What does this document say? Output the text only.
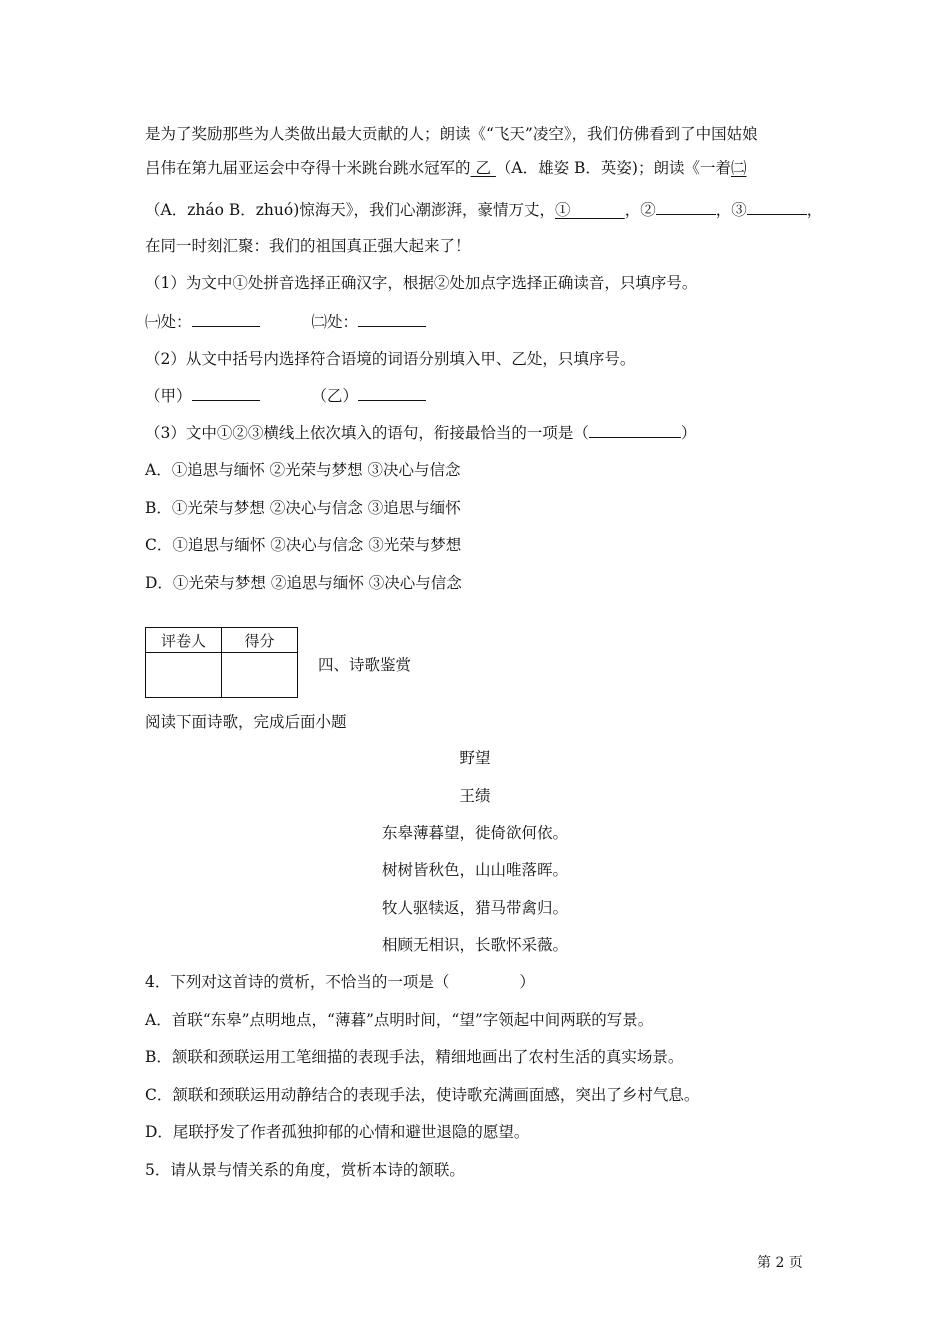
是为了奖励那些为人类做出最大贡献的人；朗读《“飞天”凌空》，我们仿佛看到了中国姑娘
吕伟在第九届亚运会中夺得十米跳台跳水冠军的 乙 （A．雄姿 B．英姿)；朗读《一着㈡
（A．zháo B．zhuó)惊海天》，我们心潮澎湃，豪情万丈，①	，②	，③	，
在同一时刻汇聚：我们的祖国真正强大起来了！
（1）为文中①处拼音选择正确汉字，根据②处加点字选择正确读音，只填序号。
㈠处：	㈡处：
（2）从文中括号内选择符合语境的词语分别填入甲、乙处，只填序号。
（甲）	（乙）
（3）文中①②③横线上依次填入的语句，衔接最恰当的一项是（	）
A．①追思与缅怀 ②光荣与梦想 ③决心与信念
B．①光荣与梦想 ②决心与信念 ③追思与缅怀
C．①追思与缅怀 ②决心与信念 ③光荣与梦想
D．①光荣与梦想 ②追思与缅怀 ③决心与信念
评卷人	得分

四、诗歌鉴赏
阅读下面诗歌，完成后面小题
野望
王绩
东皋薄暮望，徙倚欲何依。
树树皆秋色，山山唯落晖。
牧人驱犊返，猎马带禽归。
相顾无相识，长歌怀采薇。
4．下列对这首诗的赏析，不恰当的一项是（	）
A．首联“东皋”点明地点，“薄暮”点明时间，“望”字领起中间两联的写景。
B．颔联和颈联运用工笔细描的表现手法，精细地画出了农村生活的真实场景。
C．颔联和颈联运用动静结合的表现手法，使诗歌充满画面感，突出了乡村气息。
D．尾联抒发了作者孤独抑郁的心情和避世退隐的愿望。
5．请从景与情关系的角度，赏析本诗的颔联。
第 2 页
